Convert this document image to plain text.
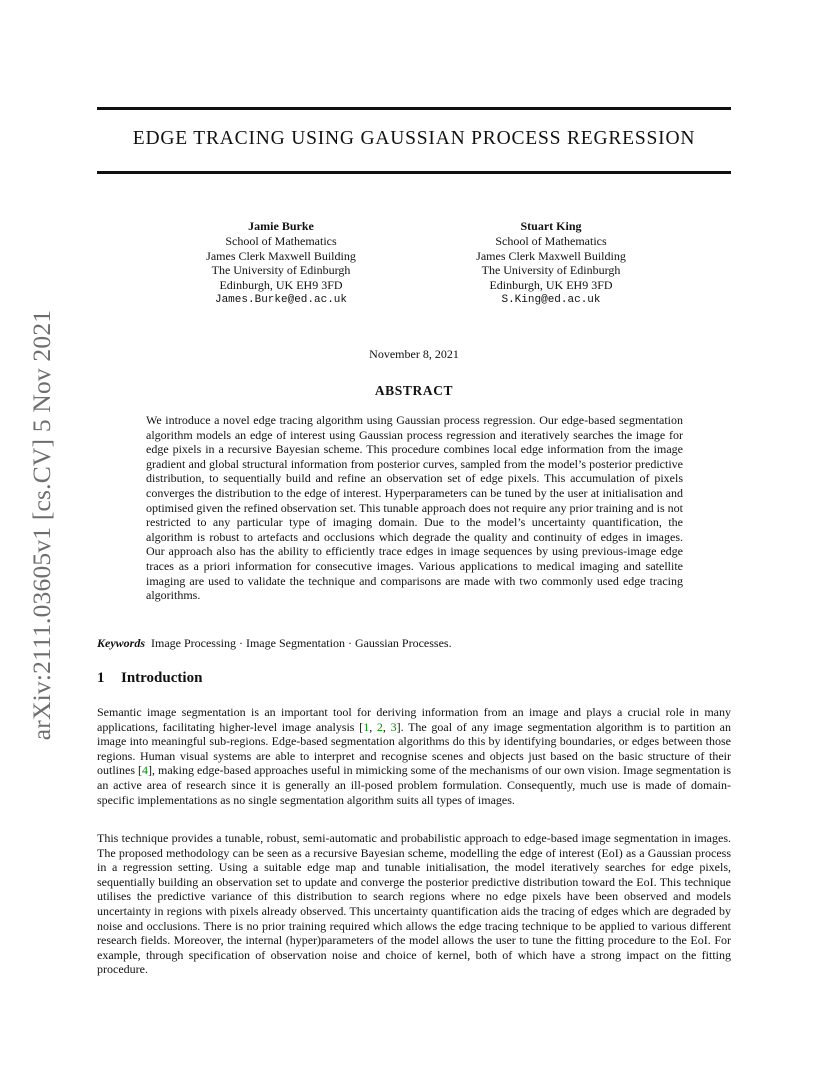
arXiv:2111.03605v1 [cs.CV] 5 Nov 2021
EDGE TRACING USING GAUSSIAN PROCESS REGRESSION
Jamie Burke
School of Mathematics
James Clerk Maxwell Building
The University of Edinburgh
Edinburgh, UK EH9 3FD
James.Burke@ed.ac.uk
Stuart King
School of Mathematics
James Clerk Maxwell Building
The University of Edinburgh
Edinburgh, UK EH9 3FD
S.King@ed.ac.uk
November 8, 2021
ABSTRACT

We introduce a novel edge tracing algorithm using Gaussian process regression. Our edge-based segmentation algorithm models an edge of interest using Gaussian process regression and iteratively searches the image for edge pixels in a recursive Bayesian scheme. This procedure combines local edge information from the image gradient and global structural information from posterior curves, sampled from the model’s posterior predictive distribution, to sequentially build and refine an observation set of edge pixels. This accumulation of pixels converges the distribution to the edge of interest. Hyperparameters can be tuned by the user at initialisation and optimised given the refined observation set. This tunable approach does not require any prior training and is not restricted to any particular type of imaging domain. Due to the model’s uncertainty quantification, the algorithm is robust to artefacts and occlusions which degrade the quality and continuity of edges in images. Our approach also has the ability to efficiently trace edges in image sequences by using previous-image edge traces as a priori information for consecutive images. Various applications to medical imaging and satellite imaging are used to validate the technique and comparisons are made with two commonly used edge tracing algorithms.

Keywords Image Processing · Image Segmentation · Gaussian Processes.

1 Introduction

Semantic image segmentation is an important tool for deriving information from an image and plays a crucial role in many applications, facilitating higher-level image analysis [1, 2, 3]. The goal of any image segmentation algorithm is to partition an image into meaningful sub-regions. Edge-based segmentation algorithms do this by identifying boundaries, or edges between those regions. Human visual systems are able to interpret and recognise scenes and objects just based on the basic structure of their outlines [4], making edge-based approaches useful in mimicking some of the mechanisms of our own vision. Image segmentation is an active area of research since it is generally an ill-posed problem formulation. Consequently, much use is made of domain-specific implementations as no single segmentation algorithm suits all types of images.

This technique provides a tunable, robust, semi-automatic and probabilistic approach to edge-based image segmentation in images. The proposed methodology can be seen as a recursive Bayesian scheme, modelling the edge of interest (EoI) as a Gaussian process in a regression setting. Using a suitable edge map and tunable initialisation, the model iteratively searches for edge pixels, sequentially building an observation set to update and converge the posterior predictive distribution toward the EoI. This technique utilises the predictive variance of this distribution to search regions where no edge pixels have been observed and models uncertainty in regions with pixels already observed. This uncertainty quantification aids the tracing of edges which are degraded by noise and occlusions. There is no prior training required which allows the edge tracing technique to be applied to various different research fields. Moreover, the internal (hyper)parameters of the model allows the user to tune the fitting procedure to the EoI. For example, through specification of observation noise and choice of kernel, both of which have a strong impact on the fitting procedure.
